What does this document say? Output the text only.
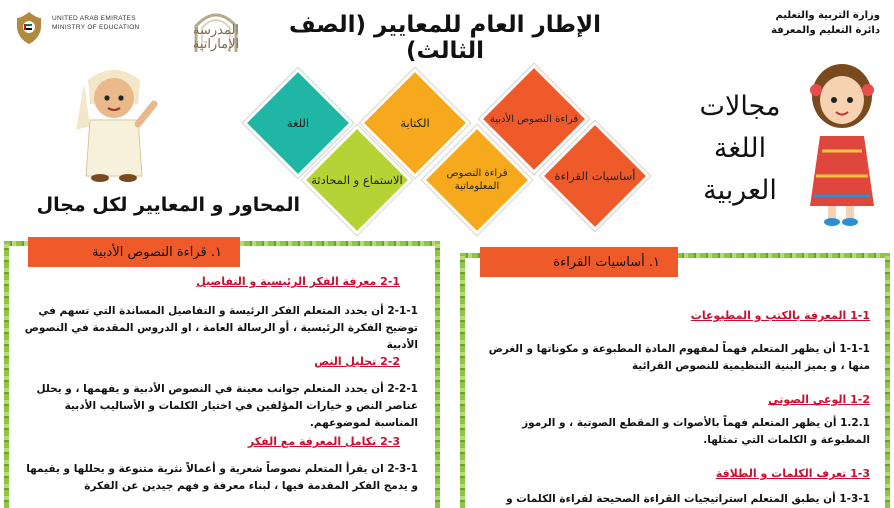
UNITED ARAB EMIRATES
MINISTRY OF EDUCATION	المدرسة
الإماراتية
الإطار العام للمعايير (الصف الثالث)
وزارة التربية والتعليم
دائرة التعليم والمعرفة
مجالات
اللغة
العربية
المحاور و المعايير لكل مجال
اللغة	الكتابة	قراءة النصوص الأدبية
الاستماع و المحادثة	قراءة النصوص المعلوماتية
أساسيات القراءة
١. أساسيات القراءة
1-1 المعرفة بالكتب و المطبوعات
1-1-1 أن يظهر المتعلم فهماً لمفهوم المادة المطبوعة و مكوناتها و الغرض منها ، و يميز البنية التنظيمية للنصوص القرائية
1-2 الوعي الصوتي
1.2.1 أن يظهر المتعلم فهماً بالأصوات و المقطع الصوتية ، و الرموز المطبوعة و الكلمات التي تمثلها.
1-3 تعرف الكلمات و الطلاقة
1-3-1 أن يطبق المتعلم استراتيجيات القراءة الصحيحة لقراءة الكلمات و
١. قراءة النصوص الأدبية
2-1 معرفة الفكر الرئيسية و التفاصيل
2-1-1 أن يحدد المتعلم الفكر الرئيسة و التفاصيل المساندة التي تسهم في توضيح الفكرة الرئيسية ، أو الرسالة العامة ، او الدروس المقدمة في النصوص الأدبية
2-2 تحليل النص
2-2-1 أن يحدد المتعلم جوانب معينة في النصوص الأدبية و يفهمها ، و يحلل عناصر النص و خيارات المؤلفين في اختيار الكلمات و الأساليب الأدبية المناسبة لموضوعهم.
2-3 تكامل المعرفة مع الفكر
2-3-1 ان يقرأ المتعلم نصوصاً شعرية و أعمالاً نثرية متنوعة و يحللها و يقيمها و يدمج الفكر المقدمة فيها ، لبناء معرفة و فهم جيدين عن الفكرة
